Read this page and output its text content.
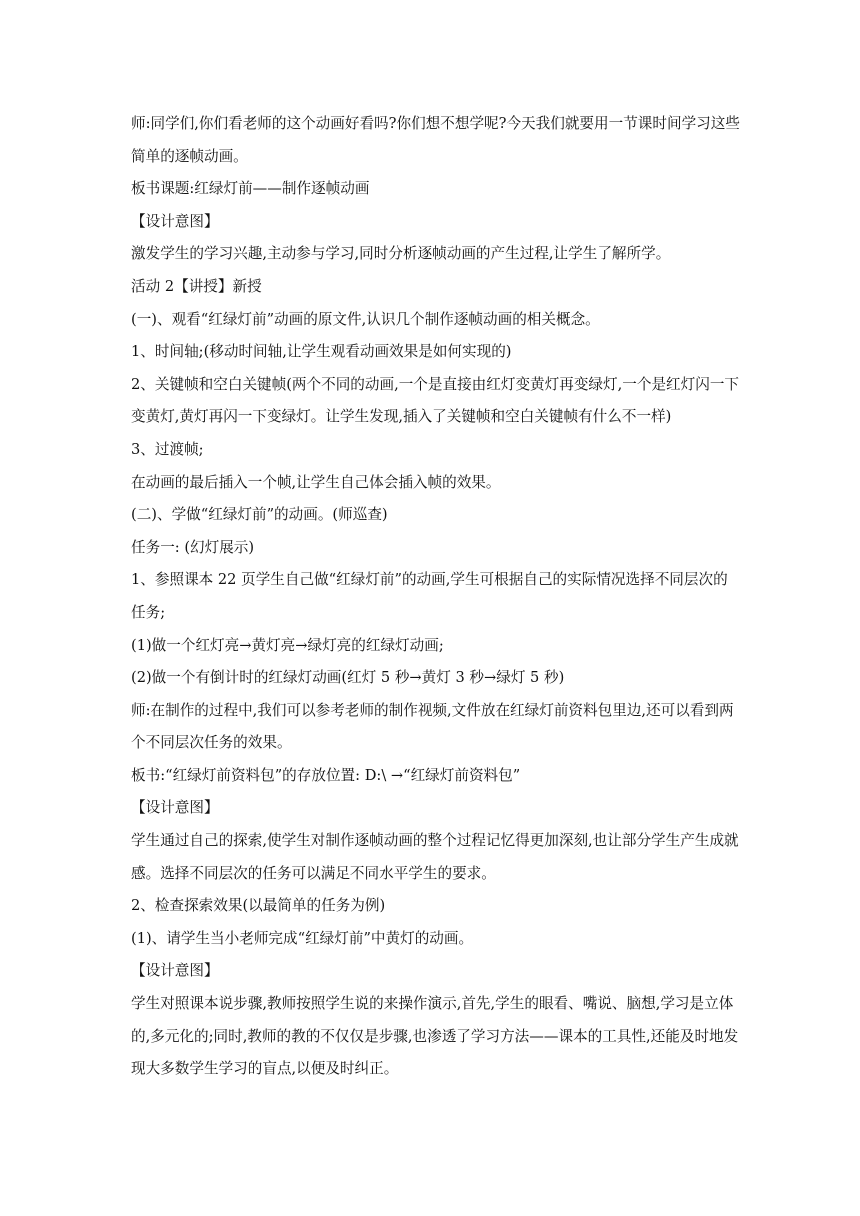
师:同学们,你们看老师的这个动画好看吗?你们想不想学呢?今天我们就要用一节课时间学习这些简单的逐帧动画。

板书课题:红绿灯前——制作逐帧动画

【设计意图】

激发学生的学习兴趣,主动参与学习,同时分析逐帧动画的产生过程,让学生了解所学。

活动 2【讲授】新授

(一)、观看“红绿灯前”动画的原文件,认识几个制作逐帧动画的相关概念。

1、时间轴;(移动时间轴,让学生观看动画效果是如何实现的)

2、关键帧和空白关键帧(两个不同的动画,一个是直接由红灯变黄灯再变绿灯,一个是红灯闪一下变黄灯,黄灯再闪一下变绿灯。让学生发现,插入了关键帧和空白关键帧有什么不一样)

3、过渡帧;

在动画的最后插入一个帧,让学生自己体会插入帧的效果。

(二)、学做“红绿灯前”的动画。(师巡查)

任务一: (幻灯展示)

1、参照课本 22 页学生自己做“红绿灯前”的动画,学生可根据自己的实际情况选择不同层次的任务;

(1)做一个红灯亮→黄灯亮→绿灯亮的红绿灯动画;

(2)做一个有倒计时的红绿灯动画(红灯 5 秒→黄灯 3 秒→绿灯 5 秒)

师:在制作的过程中,我们可以参考老师的制作视频,文件放在红绿灯前资料包里边,还可以看到两个不同层次任务的效果。

板书:“红绿灯前资料包”的存放位置: D:\ →“红绿灯前资料包”

【设计意图】

学生通过自己的探索,使学生对制作逐帧动画的整个过程记忆得更加深刻,也让部分学生产生成就感。选择不同层次的任务可以满足不同水平学生的要求。

2、检查探索效果(以最简单的任务为例)

(1)、请学生当小老师完成“红绿灯前”中黄灯的动画。

【设计意图】

学生对照课本说步骤,教师按照学生说的来操作演示,首先,学生的眼看、嘴说、脑想,学习是立体的,多元化的;同时,教师的教的不仅仅是步骤,也渗透了学习方法——课本的工具性,还能及时地发现大多数学生学习的盲点,以便及时纠正。
